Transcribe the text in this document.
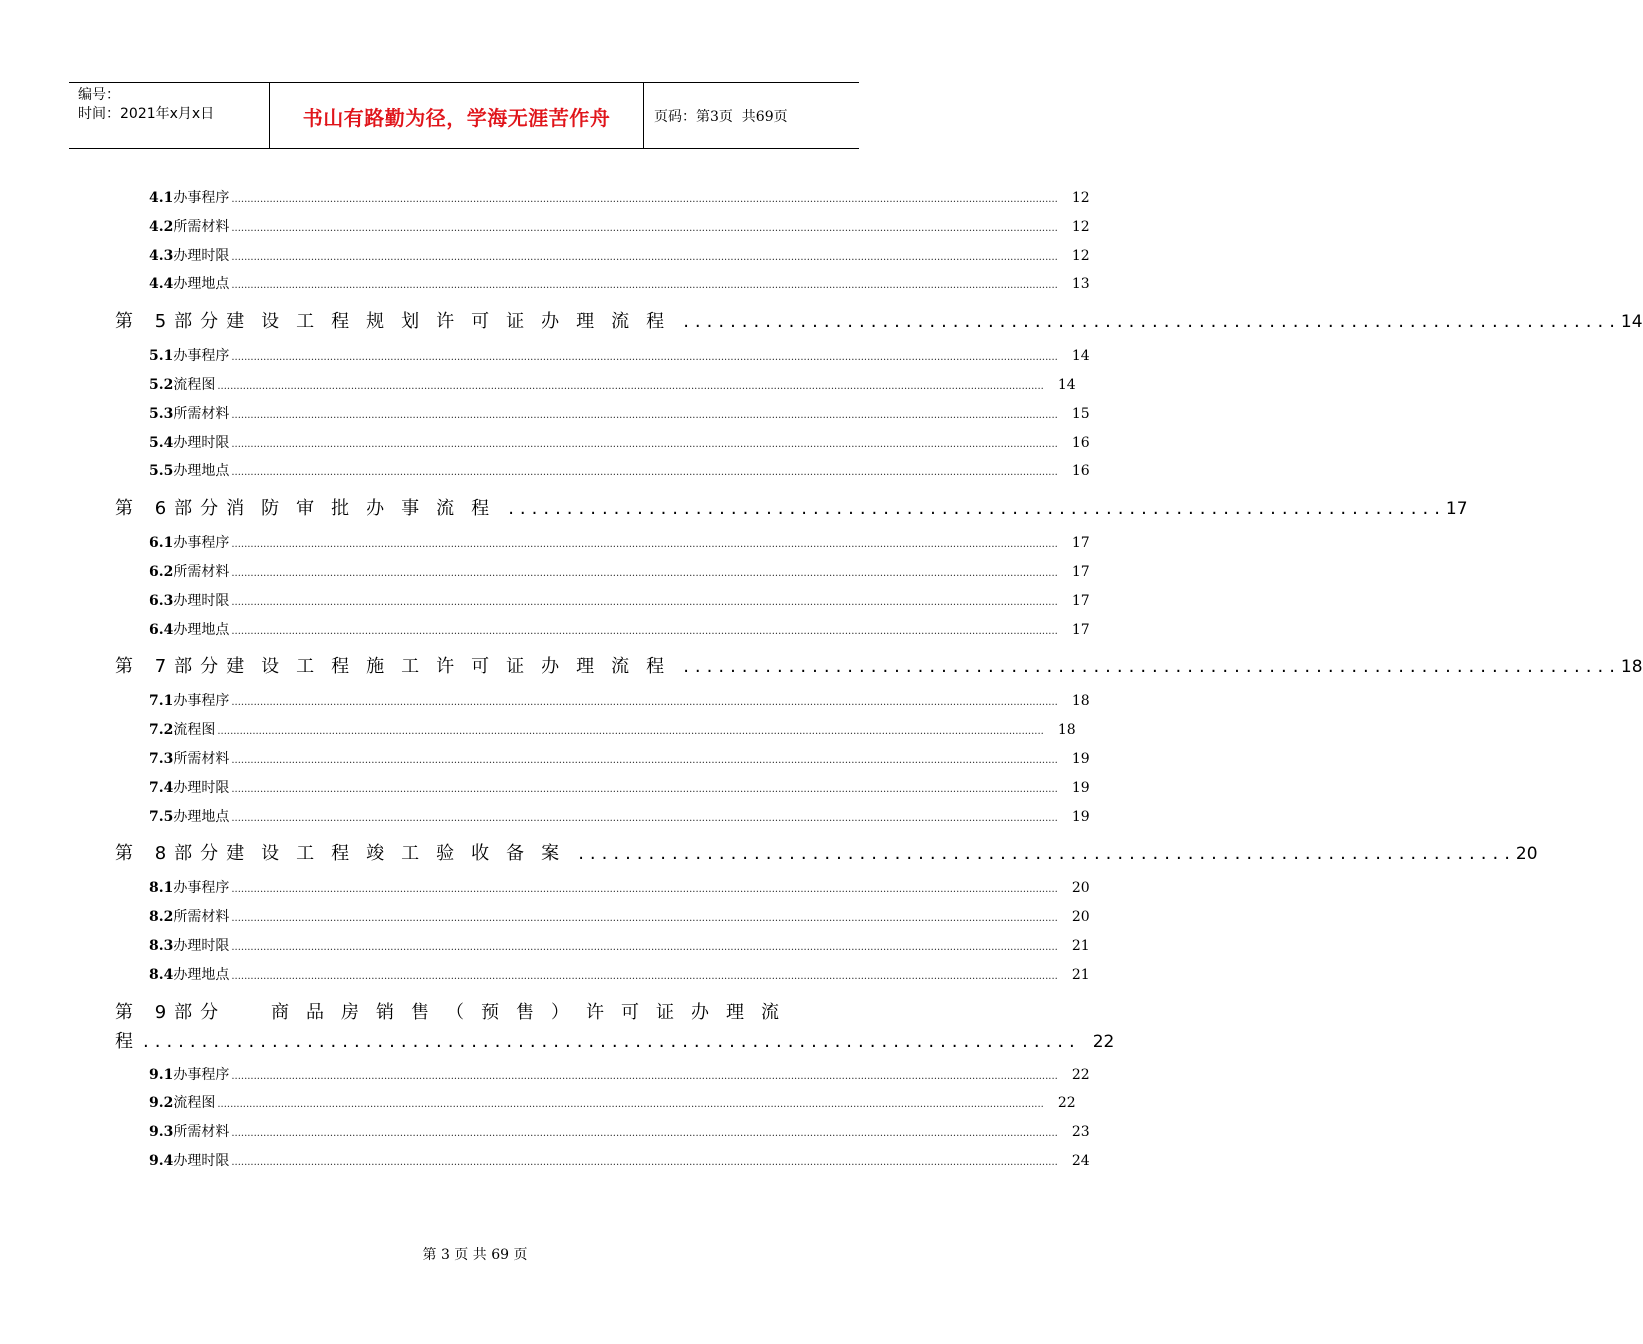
编号：
时间：2021年x月x日	书山有路勤为径，学海无涯苦作舟	页码：第3页  共69页
4.1 办事程序 .................................................................................................................................................................................................................................................................... 12
4.2 所需材料 .................................................................................................................................................................................................................................................................... 12
4.3 办理时限 .................................................................................................................................................................................................................................................................... 12
4.4 办理地点 .................................................................................................................................................................................................................................................................... 13
第 5部分 建设工程规划许可证办理流程 ................................................................................ 14
5.1 办事程序 .................................................................................................................................................................................................................................................................... 14
5.2 流程图 .................................................................................................................................................................................................................................................................... 14
5.3 所需材料 .................................................................................................................................................................................................................................................................... 15
5.4 办理时限 .................................................................................................................................................................................................................................................................... 16
5.5 办理地点 .................................................................................................................................................................................................................................................................... 16
第 6部分 消防审批办事流程 ................................................................................ 17
6.1 办事程序 .................................................................................................................................................................................................................................................................... 17
6.2 所需材料 .................................................................................................................................................................................................................................................................... 17
6.3 办理时限 .................................................................................................................................................................................................................................................................... 17
6.4 办理地点 .................................................................................................................................................................................................................................................................... 17
第 7部分 建设工程施工许可证办理流程 ................................................................................ 18
7.1 办事程序 .................................................................................................................................................................................................................................................................... 18
7.2 流程图 .................................................................................................................................................................................................................................................................... 18
7.3 所需材料 .................................................................................................................................................................................................................................................................... 19
7.4 办理时限 .................................................................................................................................................................................................................................................................... 19
7.5 办理地点 .................................................................................................................................................................................................................................................................... 19
第 8部分 建设工程竣工验收备案 ................................................................................ 20
8.1 办事程序 .................................................................................................................................................................................................................................................................... 20
8.2 所需材料 .................................................................................................................................................................................................................................................................... 20
8.3 办理时限 .................................................................................................................................................................................................................................................................... 21
8.4 办理地点 .................................................................................................................................................................................................................................................................... 21
第 9部分	商品房销售（预售）许可证办理流
程 ................................................................................ 22
9.1 办事程序 .................................................................................................................................................................................................................................................................... 22
9.2 流程图 .................................................................................................................................................................................................................................................................... 22
9.3 所需材料 .................................................................................................................................................................................................................................................................... 23
9.4 办理时限 .................................................................................................................................................................................................................................................................... 24
第 3 页 共 69 页
